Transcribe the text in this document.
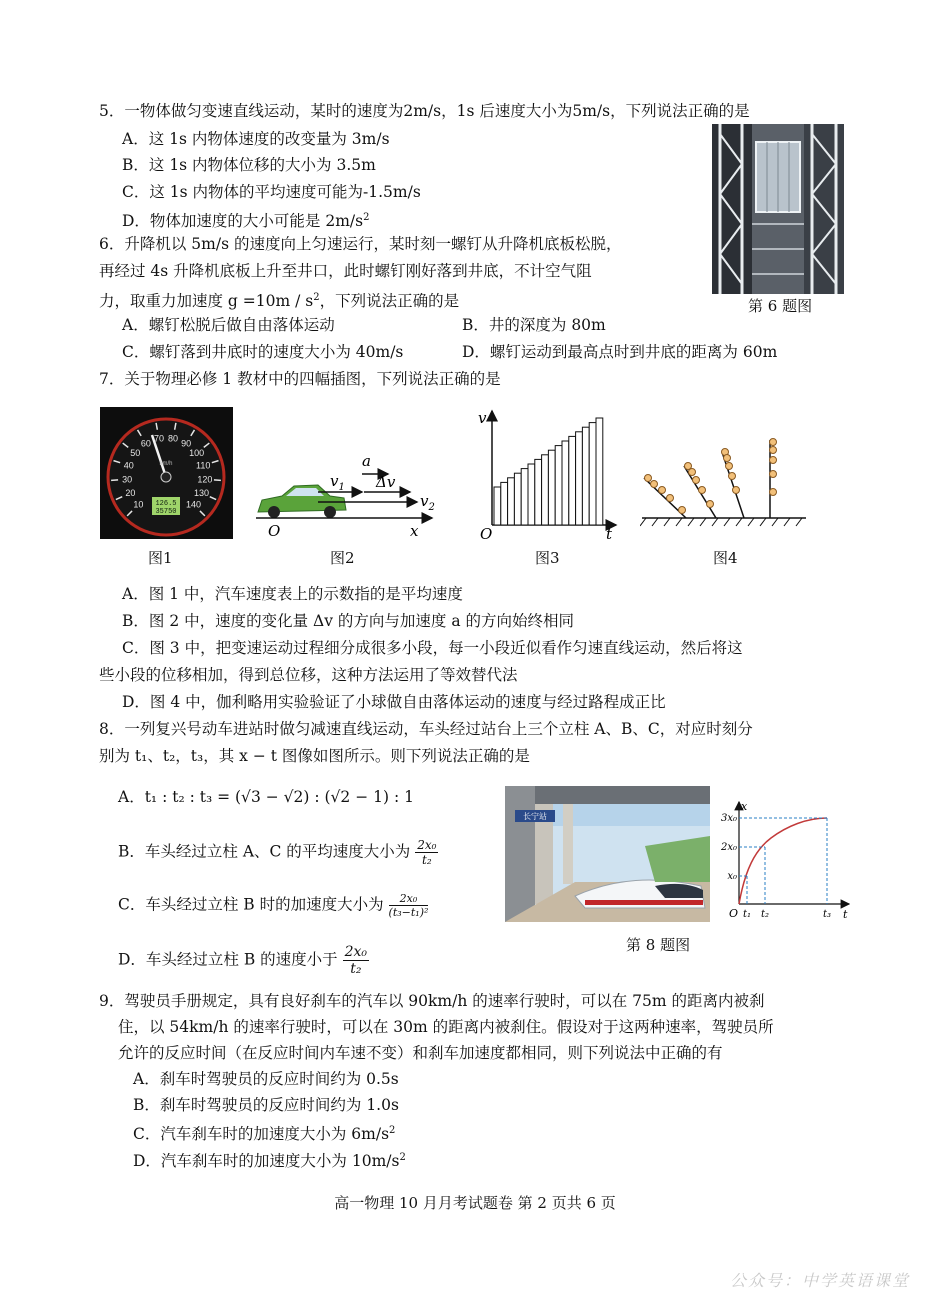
5．一物体做匀变速直线运动，某时的速度为2m/s，1s 后速度大小为5m/s，下列说法正确的是
A．这 1s 内物体速度的改变量为 3m/s
B．这 1s 内物体位移的大小为 3.5m
C．这 1s 内物体的平均速度可能为-1.5m/s
D．物体加速度的大小可能是 $2m/s^2$
6．升降机以 5m/s 的速度向上匀速运行，某时刻一螺钉从升降机底板松脱，
再经过 4s 升降机底板上升至井口，此时螺钉刚好落到井底，不计空气阻
力，取重力加速度 $g =10m / s^2$，下列说法正确的是
A．螺钉松脱后做自由落体运动	B．井的深度为 80m
C．螺钉落到井底时的速度大小为 40m/s	D．螺钉运动到最高点时到井底的距离为 60m
第 6 题图
7．关于物理必修 1 教材中的四幅插图，下列说法正确的是
10
20
30
40
50
60 70 80 90
100
110
120
130
140
km/h
126.5
35750
图1
a
$v_1$ Δv
$v_2$
O	x
图2
v
O	t
图3	图4
A．图 1 中，汽车速度表上的示数指的是平均速度
B．图 2 中，速度的变化量 Δv 的方向与加速度 a 的方向始终相同
C．图 3 中，把变速运动过程细分成很多小段，每一小段近似看作匀速直线运动，然后将这
些小段的位移相加，得到总位移，这种方法运用了等效替代法
D．图 4 中，伽利略用实验验证了小球做自由落体运动的速度与经过路程成正比
8．一列复兴号动车进站时做匀减速直线运动，车头经过站台上三个立柱 A、B、C，对应时刻分
别为 t₁、t₂，t₃，其 x − t 图像如图所示。则下列说法正确的是
A．t₁ : t₂ : t₃ = (√3 − √2) : (√2 − 1) : 1
B．车头经过立柱 A、C 的平均速度大小为 $\frac{\text{2x₀}}{\text{t₂}}$
C．车头经过立柱 B 时的加速度大小为 $\frac{\text{2x₀}}{\text{(t₃−t₁)²}}$
D．车头经过立柱 B 的速度小于 $\frac{\text{2x₀}}{\text{t₂}}$
长宁站
第 8 题图
x
t
O
3x₀
2x₀
x₀
t₁ t₂	t₃
9．驾驶员手册规定，具有良好刹车的汽车以 90km/h 的速率行驶时，可以在 75m 的距离内被刹
住，以 54km/h 的速率行驶时，可以在 30m 的距离内被刹住。假设对于这两种速率，驾驶员所
允许的反应时间（在反应时间内车速不变）和刹车加速度都相同，则下列说法中正确的有
A．刹车时驾驶员的反应时间约为 0.5s
B．刹车时驾驶员的反应时间约为 1.0s
C．汽车刹车时的加速度大小为 $6m/s^2$
D．汽车刹车时的加速度大小为 $10m/s^2$
高一物理 10 月月考试题卷 第 2 页共 6 页
公众号：中学英语课堂
